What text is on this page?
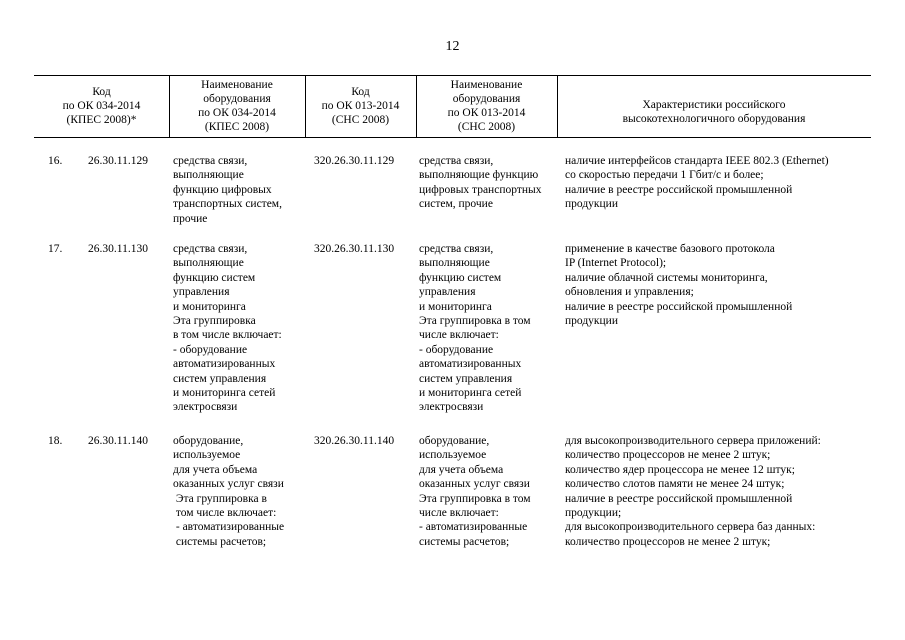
12
Код
по ОК 034-2014
(КПЕС 2008)*
Наименование
оборудования
по ОК 034-2014
(КПЕС 2008)
Код
по ОК 013-2014
(СНС 2008)
Наименование
оборудования
по ОК 013-2014
(СНС 2008)
Характеристики российского
высокотехнологичного оборудования
16. 26.30.11.129 средства связи,
выполняющие
функцию цифровых
транспортных систем,
прочие
320.26.30.11.129 средства связи,
выполняющие функцию
цифровых транспортных
систем, прочие
наличие интерфейсов стандарта IEEE 802.3 (Ethernet)
со скоростью передачи 1 Гбит/с и более;
наличие в реестре российской промышленной
продукции
17. 26.30.11.130 средства связи,
выполняющие
функцию систем
управления
и мониторинга
Эта группировка
в том числе включает:
- оборудование
автоматизированных
систем управления
и мониторинга сетей
электросвязи
320.26.30.11.130 средства связи,
выполняющие
функцию систем
управления
и мониторинга
Эта группировка в том
числе включает:
- оборудование
автоматизированных
систем управления
и мониторинга сетей
электросвязи
применение в качестве базового протокола
IP (Internet Protocol);
наличие облачной системы мониторинга,
обновления и управления;
наличие в реестре российской промышленной
продукции
18. 26.30.11.140 оборудование,
используемое
для учета объема
оказанных услуг связи
Эта группировка в
том числе включает:
- автоматизированные
системы расчетов;
320.26.30.11.140 оборудование,
используемое
для учета объема
оказанных услуг связи
Эта группировка в том
числе включает:
- автоматизированные
системы расчетов;
для высокопроизводительного сервера приложений:
количество процессоров не менее 2 штук;
количество ядер процессора не менее 12 штук;
количество слотов памяти не менее 24 штук;
наличие в реестре российской промышленной
продукции;
для высокопроизводительного сервера баз данных:
количество процессоров не менее 2 штук;
